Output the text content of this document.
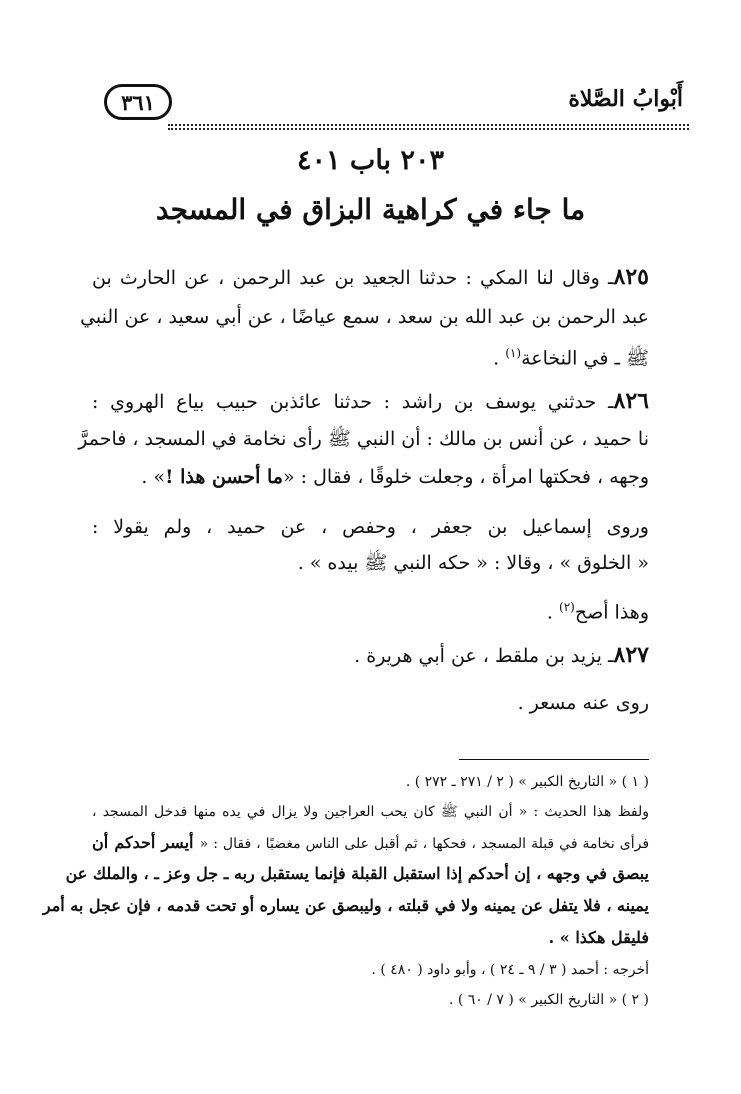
٣٦١	أَبْوابُ الصَّلاة
٢٠٣ باب ٤٠١
ما جاء في كراهية البزاق في المسجد
٨٢٥ـ وقال لنا المكي : حدثنا الجعيد بن عبد الرحمن ، عن الحارث بن
عبد الرحمن بن عبد الله بن سعد ، سمع عياضًا ، عن أبي سعيد ، عن النبي
ﷺ ـ في النخاعة$^{(١)}$ .
٨٢٦ـ حدثني يوسف بن راشد : حدثنا عائذبن حبيب بياع الهروي :
نا حميد ، عن أنس بن مالك : أن النبي ﷺ رأى نخامة في المسجد ، فاحمرَّ
وجهه ، فحكتها امرأة ، وجعلت خلوقًا ، فقال : «ما أحسن هذا !» .
وروى إسماعيل بن جعفر ، وحفص ، عن حميد ، ولم يقولا :
« الخلوق » ، وقالا : « حكه النبي ﷺ بيده » .
وهذا أصح$^{(٢)}$ .
٨٢٧ـ يزيد بن ملقط ، عن أبي هريرة .
روى عنه مسعر .
( ١ ) « التاريخ الكبير » ( ٢ / ٢٧١ ـ ٢٧٢ ) .
ولفظ هذا الحديث : « أن النبي ﷺ كان يحب العراجين ولا يزال في يده منها فدخل المسجد ،
فرأى نخامة في قبلة المسجد ، فحكها ، ثم أقبل على الناس مغضبًا ، فقال : « أيسر أحدكم أن
يبصق في وجهه ، إن أحدكم إذا استقبل القبلة فإنما يستقبل ربه ـ جل وعز ـ ، والملك عن
يمينه ، فلا يتفل عن يمينه ولا في قبلته ، وليبصق عن يساره أو تحت قدمه ، فإن عجل به أمر
فليقل هكذا » .
أخرجه : أحمد ( ٣ / ٩ ـ ٢٤ ) ، وأبو داود ( ٤٨٠ ) .
( ٢ ) « التاريخ الكبير » ( ٧ / ٦٠ ) .
